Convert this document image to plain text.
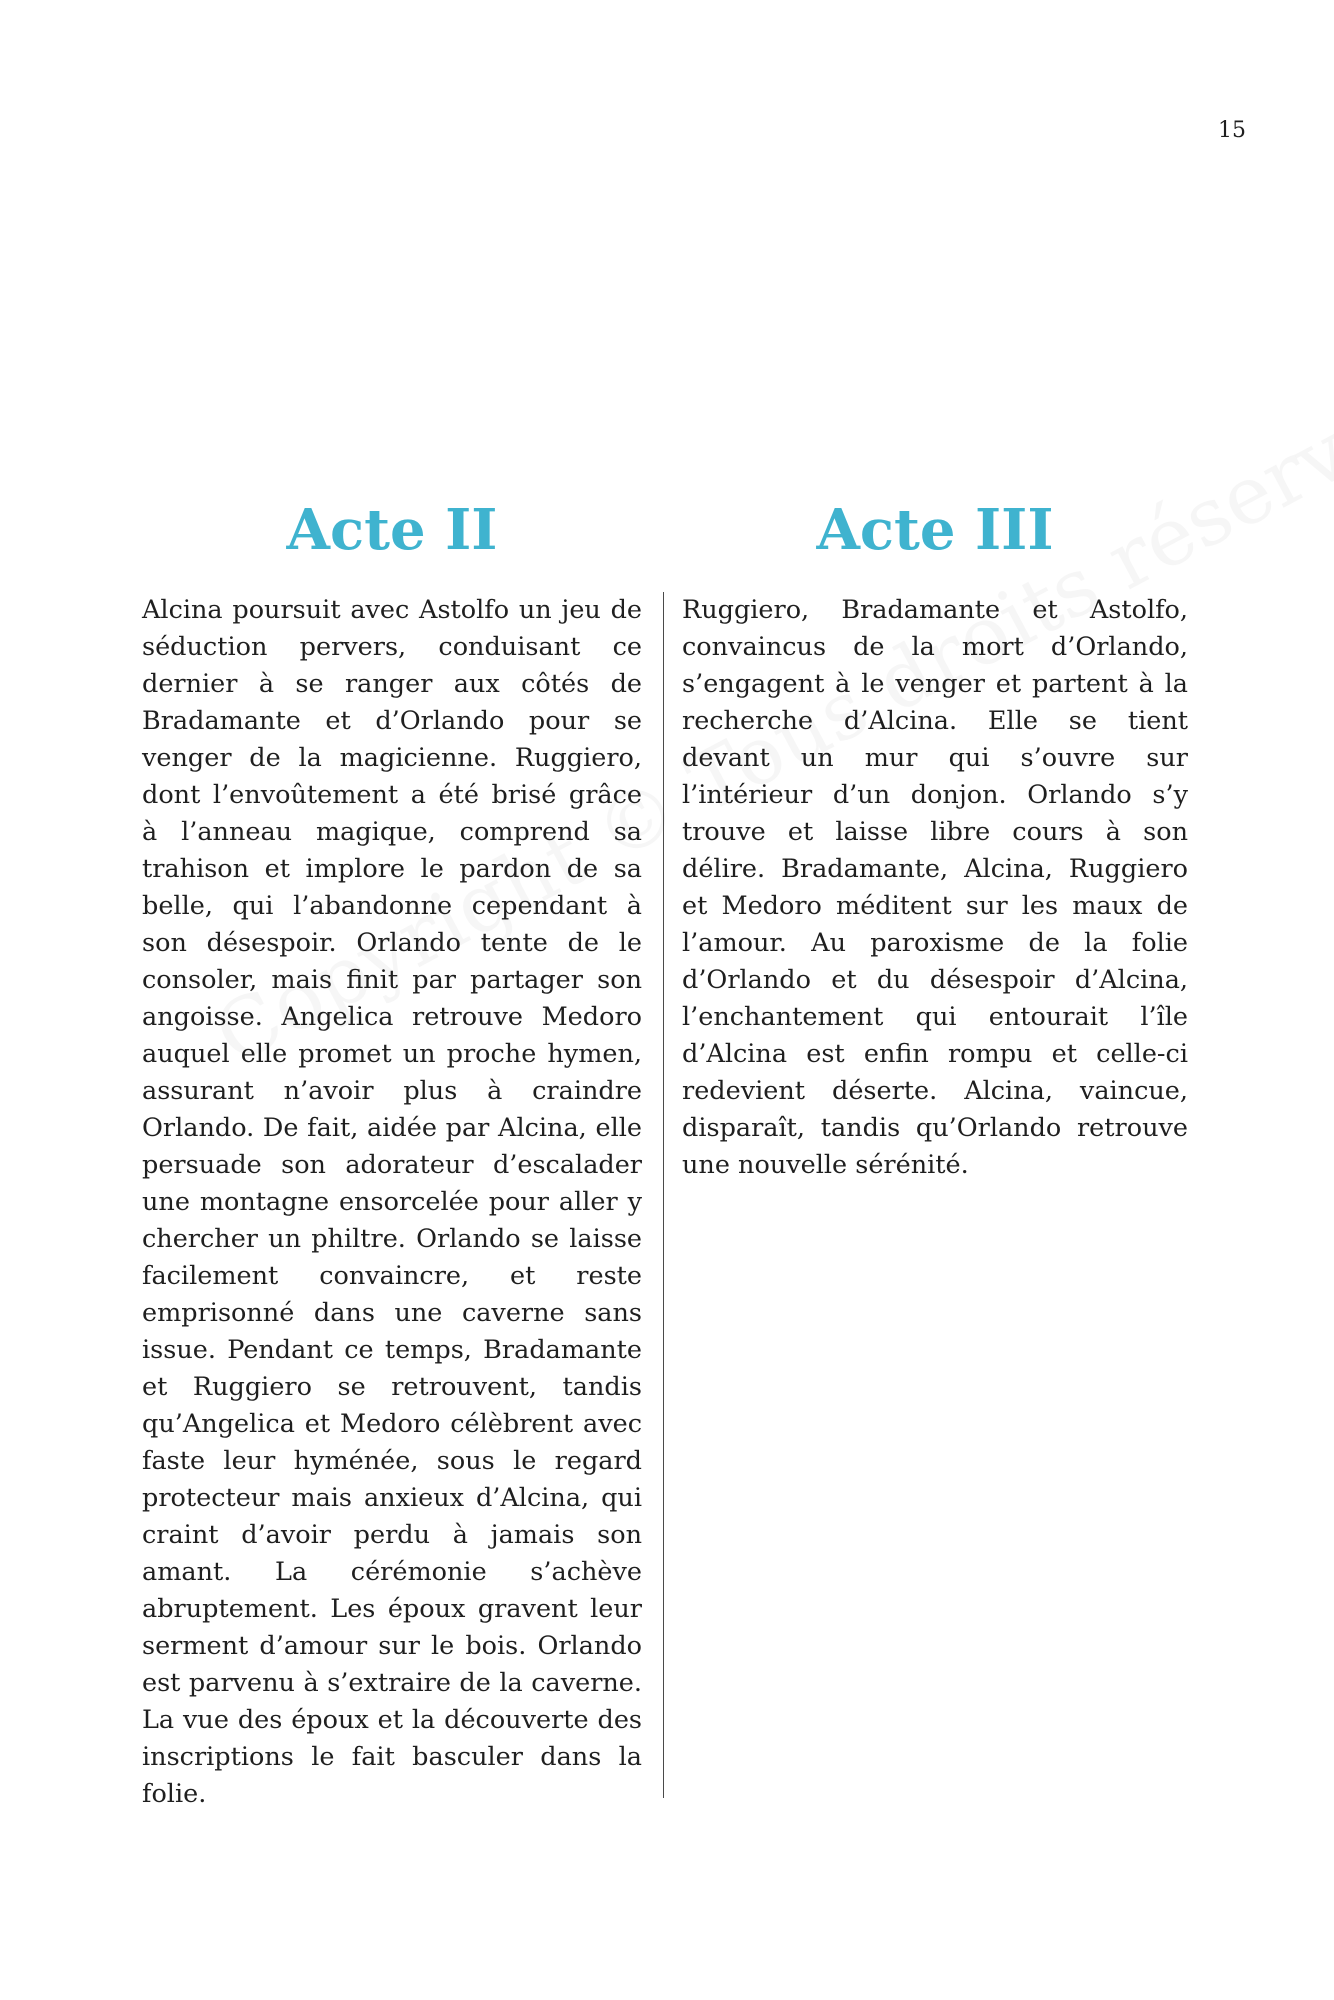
15
Acte II

Alcina poursuit avec Astolfo un jeu de séduction pervers, conduisant ce dernier à se ranger aux côtés de Bradamante et d’Orlando pour se venger de la magicienne. Ruggiero, dont l’envoûtement a été brisé grâce à l’anneau magique, comprend sa trahison et implore le pardon de sa belle, qui l’abandonne cependant à son désespoir. Orlando tente de le consoler, mais finit par partager son angoisse. Angelica retrouve Medoro auquel elle promet un proche hymen, assurant n’avoir plus à craindre Orlando. De fait, aidée par Alcina, elle persuade son adorateur d’escalader une montagne ensorcelée pour aller y chercher un philtre. Orlando se laisse facilement convaincre, et reste emprisonné dans une caverne sans issue. Pendant ce temps, Bradamante et Ruggiero se retrouvent, tandis qu’Angelica et Medoro célèbrent avec faste leur hyménée, sous le regard protecteur mais anxieux d’Alcina, qui craint d’avoir perdu à jamais son amant. La cérémonie s’achève abruptement. Les époux gravent leur serment d’amour sur le bois. Orlando est parvenu à s’extraire de la caverne. La vue des époux et la découverte des inscriptions le fait basculer dans la folie.

Acte III

Ruggiero, Bradamante et Astolfo, convaincus de la mort d’Orlando, s’engagent à le venger et partent à la recherche d’Alcina. Elle se tient devant un mur qui s’ouvre sur l’intérieur d’un donjon. Orlando s’y trouve et laisse libre cours à son délire. Bradamante, Alcina, Ruggiero et Medoro méditent sur les maux de l’amour. Au paroxisme de la folie d’Orlando et du désespoir d’Alcina, l’enchantement qui entourait l’île d’Alcina est enfin rompu et celle-ci redevient déserte. Alcina, vaincue, disparaît, tandis qu’Orlando retrouve une nouvelle sérénité.
